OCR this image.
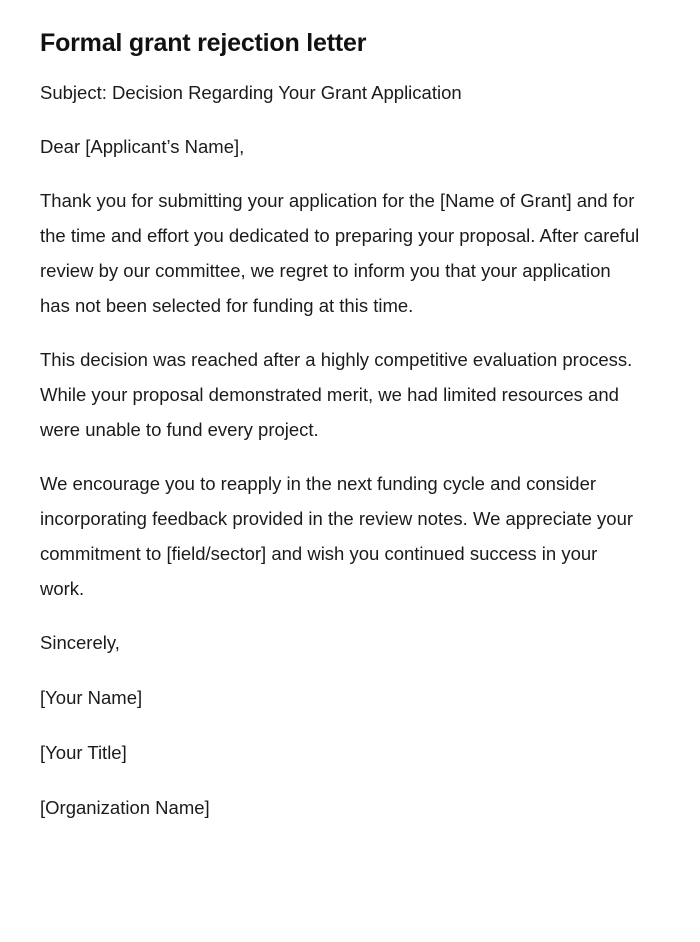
Formal grant rejection letter

Subject: Decision Regarding Your Grant Application

Dear [Applicant’s Name],

Thank you for submitting your application for the [Name of Grant] and for the time and effort you dedicated to preparing your proposal. After careful review by our committee, we regret to inform you that your application has not been selected for funding at this time.

This decision was reached after a highly competitive evaluation process. While your proposal demonstrated merit, we had limited resources and were unable to fund every project.

We encourage you to reapply in the next funding cycle and consider incorporating feedback provided in the review notes. We appreciate your commitment to [field/sector] and wish you continued success in your work.

Sincerely,

[Your Name]

[Your Title]

[Organization Name]
